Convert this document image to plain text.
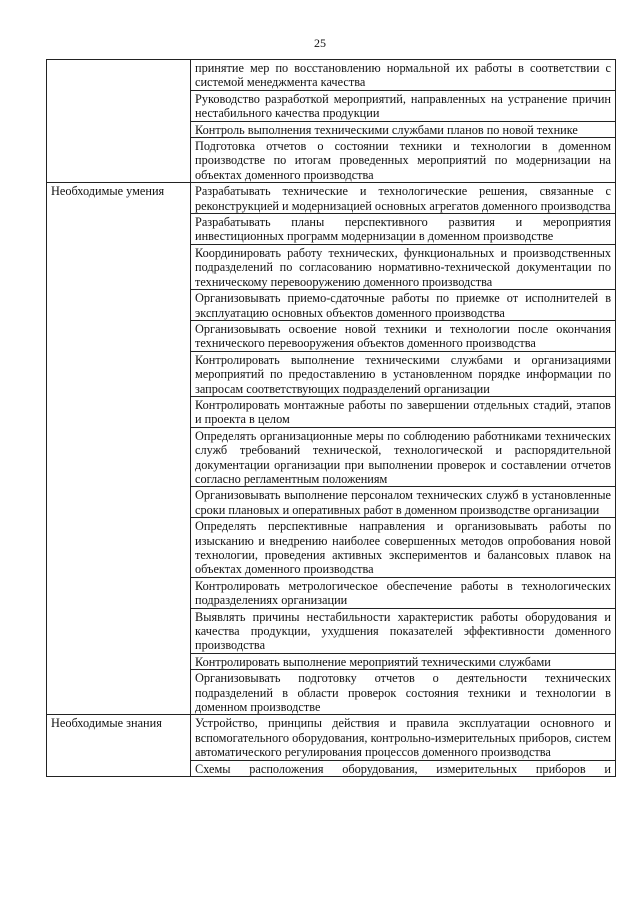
25
	принятие мер по восстановлению нормальной их работы в соответствии с системой менеджмента качества
	Руководство разработкой мероприятий, направленных на устранение причин нестабильного качества продукции
	Контроль выполнения техническими службами планов по новой технике
	Подготовка отчетов о состоянии техники и технологии в доменном производстве по итогам проведенных мероприятий по модернизации на объектах доменного производства
Необходимые умения	Разрабатывать технические и технологические решения, связанные с реконструкцией и модернизацией основных агрегатов доменного производства
	Разрабатывать планы перспективного развития и мероприятия инвестиционных программ модернизации в доменном производстве
	Координировать работу технических, функциональных и производственных подразделений по согласованию нормативно-технической документации по техническому перевооружению доменного производства
	Организовывать приемо-сдаточные работы по приемке от исполнителей в эксплуатацию основных объектов доменного производства
	Организовывать освоение новой техники и технологии после окончания технического перевооружения объектов доменного производства
	Контролировать выполнение техническими службами и организациями мероприятий по предоставлению в установленном порядке информации по запросам соответствующих подразделений организации
	Контролировать монтажные работы по завершении отдельных стадий, этапов и проекта в целом
	Определять организационные меры по соблюдению работниками технических служб требований технической, технологической и распорядительной документации организации при выполнении проверок и составлении отчетов согласно регламентным положениям
	Организовывать выполнение персоналом технических служб в установленные сроки плановых и оперативных работ в доменном производстве организации
	Определять перспективные направления и организовывать работы по изысканию и внедрению наиболее совершенных методов опробования новой технологии, проведения активных экспериментов и балансовых плавок на объектах доменного производства
	Контролировать метрологическое обеспечение работы в технологических подразделениях организации
	Выявлять причины нестабильности характеристик работы оборудования и качества продукции, ухудшения показателей эффективности доменного производства
	Контролировать выполнение мероприятий техническими службами
	Организовывать подготовку отчетов о деятельности технических подразделений в области проверок состояния техники и технологии в доменном производстве
Необходимые знания	Устройство, принципы действия и правила эксплуатации основного и вспомогательного оборудования, контрольно-измерительных приборов, систем автоматического регулирования процессов доменного производства
	Схемы расположения оборудования, измерительных приборов и
